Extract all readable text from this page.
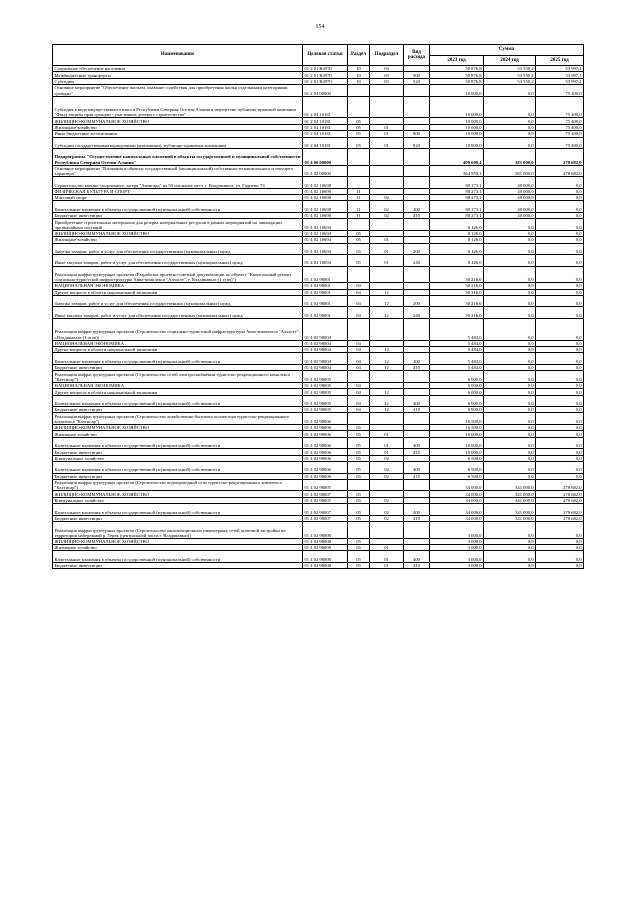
154
Наименование	Целевая статья	Раздел	Подраздел	Вид расхода	Сумма		
					2023 год	2024 год	2025 год
Социальное обеспечение населения	01 2 01 R4970	10	03		50 876,8	53 550,2	53 997,1
Межбюджетные трансферты	01 2 01 R4970	10	03	500	50 876,8	53 550,2	53 997,1
Субсидии	01 2 01 R4970	10	03	520	50 876,8	53 550,2	53 997,1
Основное мероприятие "Обеспечение жильем, оказание содействия для приобретения жилья отдельными категориями граждан"	01 2 04 00000				10 000,0	0,0	75 400,0
Субсидия в виде имущественного взноса Республики Северная Осетия-Алания в имущество публично-правовой компании "Фонд защиты прав граждан - участников долевого строительства"	01 2 04 10181				10 000,0	0,0	75 400,0
ЖИЛИЩНО-КОММУНАЛЬНОЕ ХОЗЯЙСТВО	01 2 04 10181	05			10 000,0	0,0	75 400,0
Жилищное хозяйство	01 2 04 10181	05	01		10 000,0	0,0	75 400,0
Иные бюджетные ассигнования	01 2 04 10181	05	01	800	10 000,0	0,0	75 400,0
Субсидии государственным корпорациям (компаниям), публично-правовым компаниям	01 2 04 10181	05	01	820	10 000,0	0,0	75 400,0
Подпрограмма "Осуществление капитальных вложений в объекты государственной и муниципальной собственности Республики Северная Осетия-Алания"	01 4 00 00000				409 608,4	381 000,0	278 682,0
Основное мероприятие "Вложения в объекты государственной (муниципальной) собственности капитального и текущего характера"	01 4 02 00000				364 959,1	381 000,0	278 682,0
Строительство военно-спортивного лагеря "Авангард" на 50 спальных мест, г. Владикавказ, ул. Гадиева, 73	01 4 02 10698				88 273,1	40 000,0	0,0
ФИЗИЧЕСКАЯ КУЛЬТУРА И СПОРТ	01 4 02 10698	11			88 273,1	40 000,0	0,0
Массовый спорт	01 4 02 10698	11	02		88 273,1	40 000,0	0,0
Капитальные вложения в объекты государственной (муниципальной) собственности	01 4 02 10698	11	02	400	88 273,1	40 000,0	0,0
Бюджетные инвестиции	01 4 02 10698	11	02	410	88 273,1	40 000,0	0,0
Приобретение строительных материалов для резерва материальных ресурсов в рамках мероприятий по ликвидации чрезвычайных ситуаций	01 4 02 10694				8 126,0	0,0	0,0
ЖИЛИЩНО-КОММУНАЛЬНОЕ ХОЗЯЙСТВО	01 4 02 10694	05			8 126,0	0,0	0,0
Жилищное хозяйство	01 4 02 10694	05	01		8 126,0	0,0	0,0
Закупка товаров, работ и услуг для обеспечения государственных (муниципальных) нужд	01 4 02 10694	05	01	200	8 126,0	0,0	0,0
Иные закупки товаров, работ и услуг для обеспечения государственных (муниципальных) нужд	01 4 02 10694	05	01	240	8 126,0	0,0	0,0
Реализация инфраструктурных проектов (Разработка проектно-сметной документации по объекту "Капитальный ремонт социально-туристской инфраструктуры Авиа-комплекса "Алхасте", г. Владикавказ (1 этап)")	01 4 02 98001				30 216,0	0,0	0,0
НАЦИОНАЛЬНАЯ ЭКОНОМИКА	01 4 02 98001	04			30 216,0	0,0	0,0
Другие вопросы в области национальной экономики	01 4 02 98001	04	12		30 216,0	0,0	0,0
Закупка товаров, работ и услуг для обеспечения государственных (муниципальных) нужд	01 4 02 98001	04	12	200	30 216,0	0,0	0,0
Иные закупки товаров, работ и услуг для обеспечения государственных (муниципальных) нужд	01 4 02 98001	04	12	240	30 216,0	0,0	0,0
Реализация инфраструктурных проектов (Строительство социально-туристской инфраструктуры Авиа-комплекса "Алхасте", г.Владикавказ (1 этап))	01 4 02 98004				5 484,0	0,0	0,0
НАЦИОНАЛЬНАЯ ЭКОНОМИКА	01 4 02 98004	04			5 484,0	0,0	0,0
Другие вопросы в области национальной экономики	01 4 02 98004	04	12		5 484,0	0,0	0,0
Капитальные вложения в объекты государственной (муниципальной) собственности	01 4 02 98004	04	12	400	5 484,0	0,0	0,0
Бюджетные инвестиции	01 4 02 98004	04	12	410	5 484,0	0,0	0,0
Реализация инфраструктурных проектов (Строительство сетей электроснабжения туристско-рекреационного комплекса "Кахтисар")	01 4 02 98005				6 000,0	0,0	0,0
НАЦИОНАЛЬНАЯ ЭКОНОМИКА	01 4 02 98005	04			6 000,0	0,0	0,0
Другие вопросы в области национальной экономики	01 4 02 98005	04	12		6 000,0	0,0	0,0
Капитальные вложения в объекты государственной (муниципальной) собственности	01 4 02 98005	04	12	400	6 000,0	0,0	0,0
Бюджетные инвестиции	01 4 02 98005	04	12	410	6 000,0	0,0	0,0
Реализация инфраструктурных проектов (Строительство хозяйственно-бытового коллектора туристско-рекреационного комплекса "Кахтисар")	01 4 02 98006				16 500,0	0,0	0,0
ЖИЛИЩНО-КОММУНАЛЬНОЕ ХОЗЯЙСТВО	01 4 02 98006	05			16 500,0	0,0	0,0
Жилищное хозяйство	01 4 02 98006	05	01		10 000,0	0,0	0,0
Капитальные вложения в объекты государственной (муниципальной) собственности	01 4 02 98006	05	01	400	10 000,0	0,0	0,0
Бюджетные инвестиции	01 4 02 98006	05	01	410	10 000,0	0,0	0,0
Коммунальное хозяйство	01 4 02 98006	05	02		6 500,0	0,0	0,0
Капитальные вложения в объекты государственной (муниципальной) собственности	01 4 02 98006	05	02	400	6 500,0	0,0	0,0
Бюджетные инвестиции	01 4 02 98006	05	02	410	6 500,0	0,0	0,0
Реализация инфраструктурных проектов (Строительство водопроводной сети туристско-рекреационного комплекса "Кахтисар")	01 4 02 98007				34 000,0	341 000,0	278 682,0
ЖИЛИЩНО-КОММУНАЛЬНОЕ ХОЗЯЙСТВО	01 4 02 98007	05			34 000,0	341 000,0	278 682,0
Коммунальное хозяйство	01 4 02 98007	05	02		34 000,0	341 000,0	278 682,0
Капитальные вложения в объекты государственной (муниципальной) собственности	01 4 02 98007	05	02	400	34 000,0	341 000,0	278 682,0
Бюджетные инвестиции	01 4 02 98007	05	02	410	34 000,0	341 000,0	278 682,0
Реализация инфраструктурных проектов (Строительство канализационных инженерных сетей шлюзной застройки на территории набережной р. Терек (центральной части г. Владикавказ))	01 4 02 98008				3 000,0	0,0	0,0
ЖИЛИЩНО-КОММУНАЛЬНОЕ ХОЗЯЙСТВО	01 4 02 98008	05			3 000,0	0,0	0,0
Жилищное хозяйство	01 4 02 98008	05	01		3 000,0	0,0	0,0
Капитальные вложения в объекты государственной (муниципальной) собственности	01 4 02 98008	05	01	400	3 000,0	0,0	0,0
Бюджетные инвестиции	01 4 02 98008	05	01	410	3 000,0	0,0	0,0
